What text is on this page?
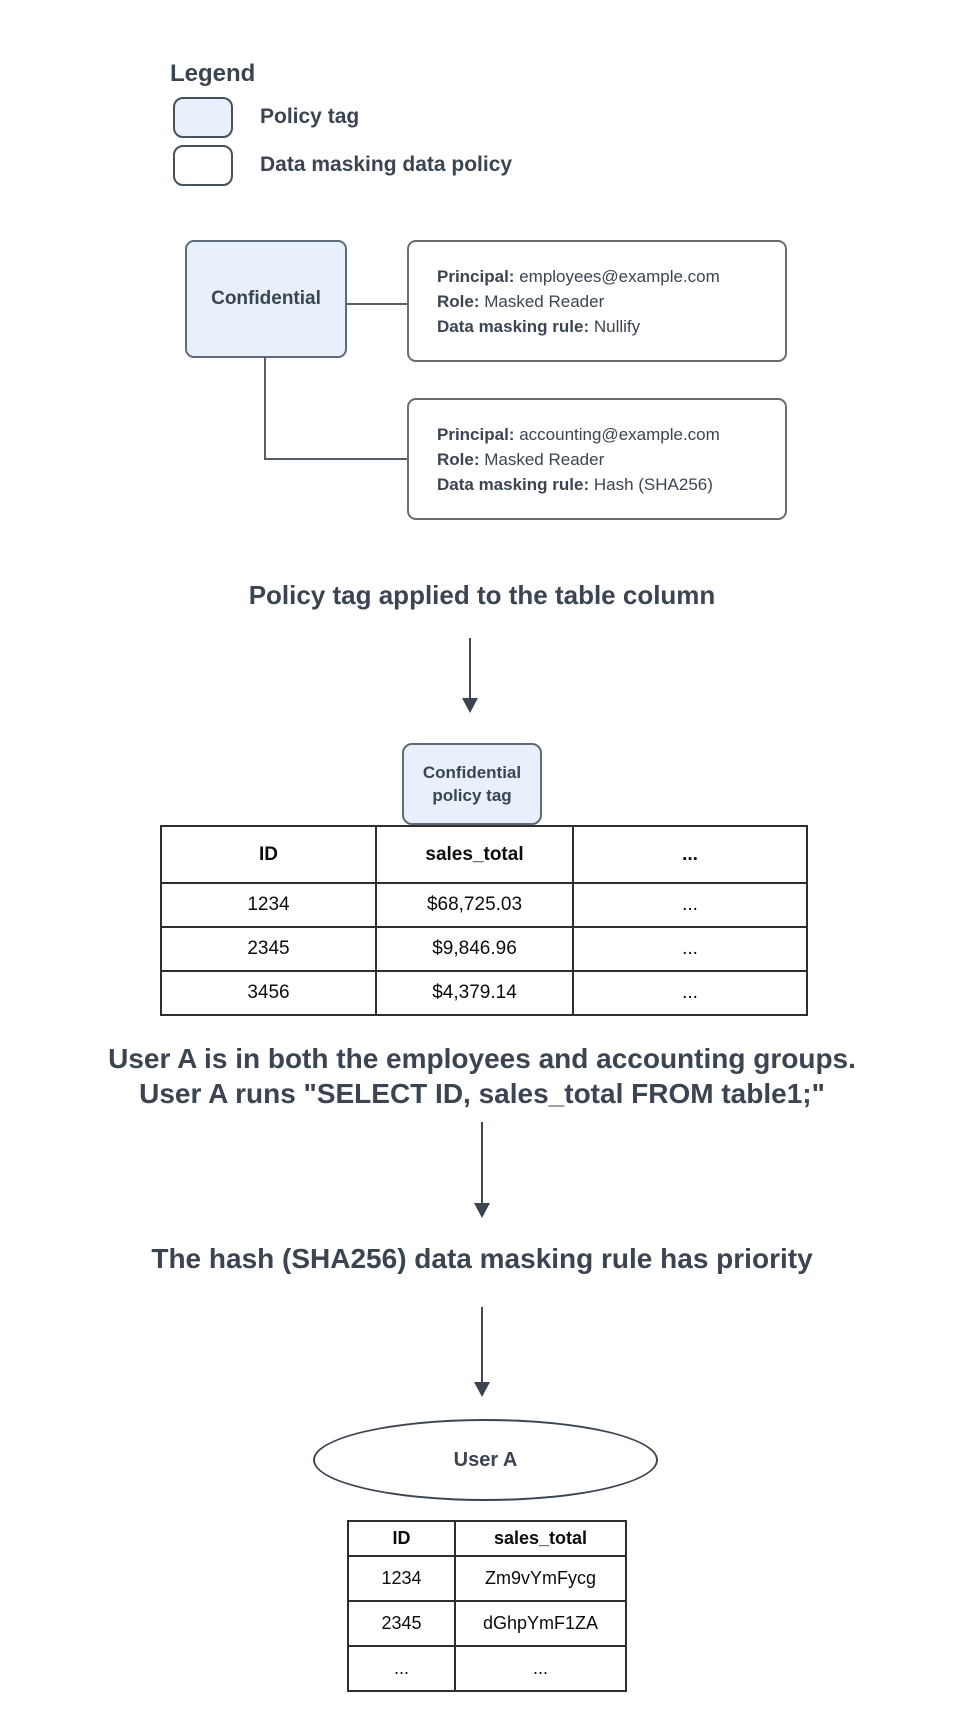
Legend
Policy tag
Data masking data policy
Confidential
Principal: employees@example.com
Role: Masked Reader
Data masking rule: Nullify
Principal: accounting@example.com
Role: Masked Reader
Data masking rule: Hash (SHA256)
Policy tag applied to the table column
Confidential
policy tag
ID	sales_total	...
1234	$68,725.03	...
2345	$9,846.96	...
3456	$4,379.14	...
User A is in both the employees and accounting groups.
User A runs "SELECT ID, sales_total FROM table1;"
The hash (SHA256) data masking rule has priority
User A
ID	sales_total
1234	Zm9vYmFycg
2345	dGhpYmF1ZA
...	...
